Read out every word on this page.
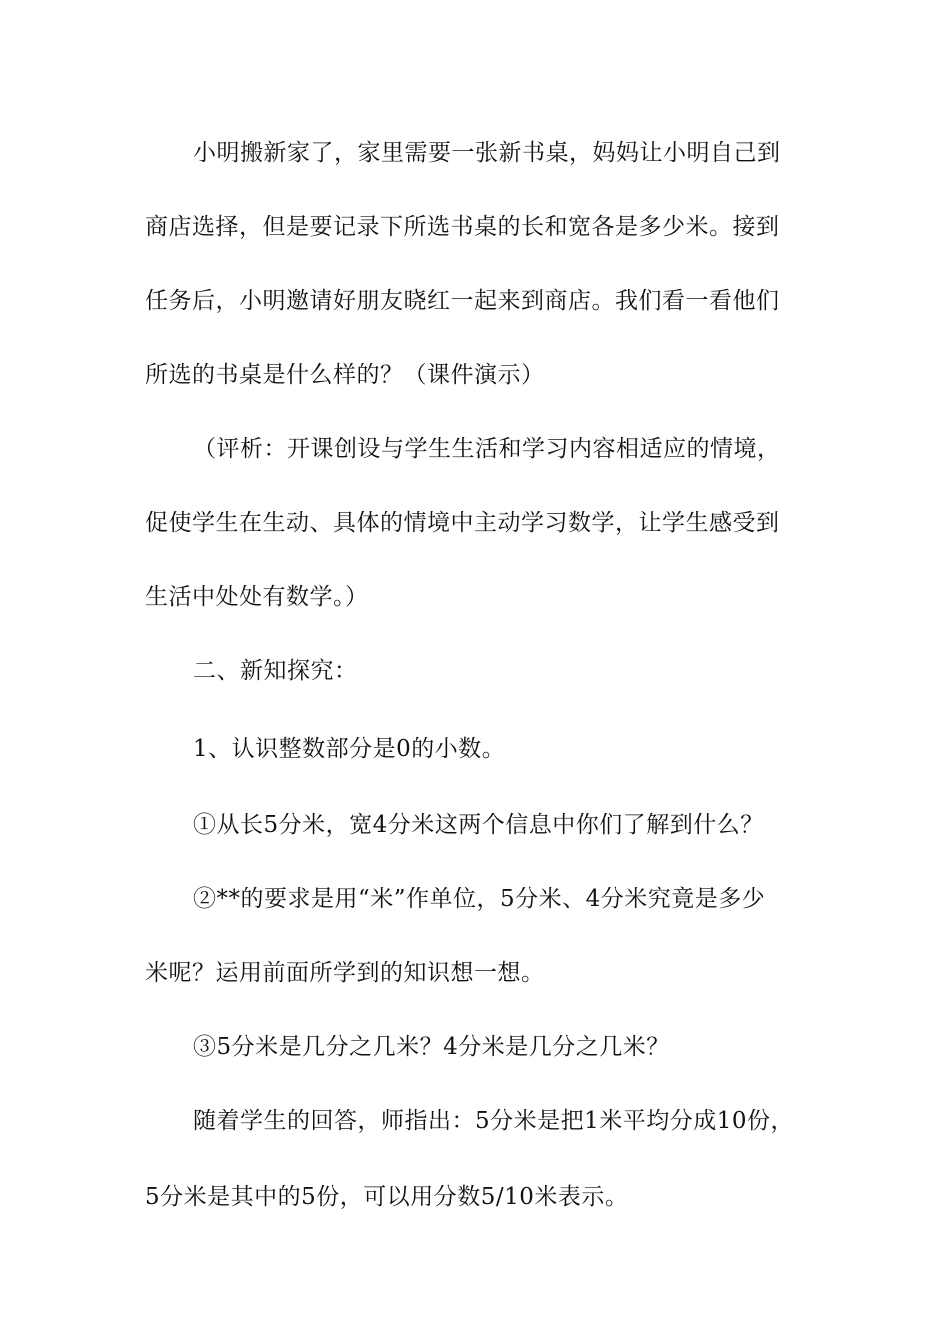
小明搬新家了，家里需要一张新书桌，妈妈让小明自己到
商店选择，但是要记录下所选书桌的长和宽各是多少米。接到
任务后，小明邀请好朋友晓红一起来到商店。我们看一看他们
所选的书桌是什么样的？（课件演示）
（评析：开课创设与学生生活和学习内容相适应的情境，
促使学生在生动、具体的情境中主动学习数学，让学生感受到
生活中处处有数学。）
二、新知探究：
1、认识整数部分是0的小数。
①从长5分米，宽4分米这两个信息中你们了解到什么？
②**的要求是用“米”作单位，5分米、4分米究竟是多少
米呢？运用前面所学到的知识想一想。
③5分米是几分之几米？4分米是几分之几米？
随着学生的回答，师指出：5分米是把1米平均分成10份，
5分米是其中的5份，可以用分数5/10米表示。
